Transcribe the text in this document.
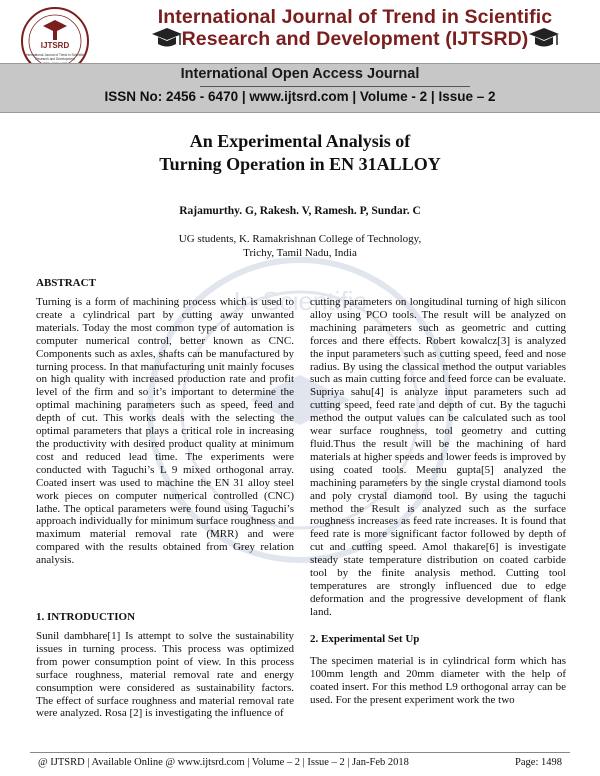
IJTSRD
International Journal of Trend in Scientific
Research and Development
International Journal of Trend in Scientific
Research and Development (IJTSRD)
International Open Access Journal
ISSN No: 2456 - 6470 | www.ijtsrd.com | Volume - 2 | Issue – 2
In Scientific
An Experimental Analysis of
Turning Operation in EN 31ALLOY
Rajamurthy. G, Rakesh. V, Ramesh. P, Sundar. C
UG students, K. Ramakrishnan College of Technology,
Trichy, Tamil Nadu, India
ABSTRACT

Turning is a form of machining process which is used to create a cylindrical part by cutting away unwanted materials. Today the most common type of automation is computer numerical control, better known as CNC. Components such as axles, shafts can be manufactured by turning process. In that manufacturing unit mainly focuses on high quality with increased production rate and profit level of the firm and so it’s important to determine the optimal machining parameters such as speed, feed and depth of cut. This works deals with the selecting the optimal parameters that plays a critical role in increasing the productivity with desired product quality at minimum cost and reduced lead time. The experiments were conducted with Taguchi’s L 9 mixed orthogonal array. Coated insert was used to machine the EN 31 alloy steel work pieces on computer numerical controlled (CNC) lathe. The optical parameters were found using Taguchi’s approach individually for minimum surface roughness and maximum material removal rate (MRR) and were compared with the results obtained from Grey relation analysis.

1. INTRODUCTION

Sunil dambhare[1] Is attempt to solve the sustainability issues in turning process. This process was optimized from power consumption point of view. In this process surface roughness, material removal rate and energy consumption were considered as sustainability factors. The effect of surface roughness and material removal rate were analyzed. Rosa [2] is investigating the influence of

cutting parameters on longitudinal turning of high silicon alloy using PCO tools. The result will be analyzed on machining parameters such as geometric and cutting forces and there effects. Robert kowalcz[3] is analyzed the input parameters such as cutting speed, feed and nose radius. By using the classical method the output variables such as main cutting force and feed force can be evaluate. Supriya sahu[4] is analyze input parameters such ad cutting speed, feed rate and depth of cut. By the taguchi method the output values can be calculated such as tool wear surface roughness, tool geometry and cutting fluid.Thus the result will be the machining of hard materials at higher speeds and lower feeds is improved by using coated tools. Meenu gupta[5] analyzed the machining parameters by the single crystal diamond tools and poly crystal diamond tool. By using the taguchi method the Result is analyzed such as the surface roughness increases as feed rate increases. It is found that feed rate is more significant factor followed by depth of cut and cutting speed. Amol thakare[6] is investigate steady state temperature distribution on coated carbide tool by the finite analysis method. Cutting tool temperatures are strongly influenced due to edge deformation and the progressive development of flank land.

2. Experimental Set Up

The specimen material is in cylindrical form which has 100mm length and 20mm diameter with the help of coated insert. For this method L9 orthogonal array can be used. For the present experiment work the two

@ IJTSRD | Available Online @ www.ijtsrd.com | Volume – 2 | Issue – 2 | Jan-Feb 2018	Page: 1498
